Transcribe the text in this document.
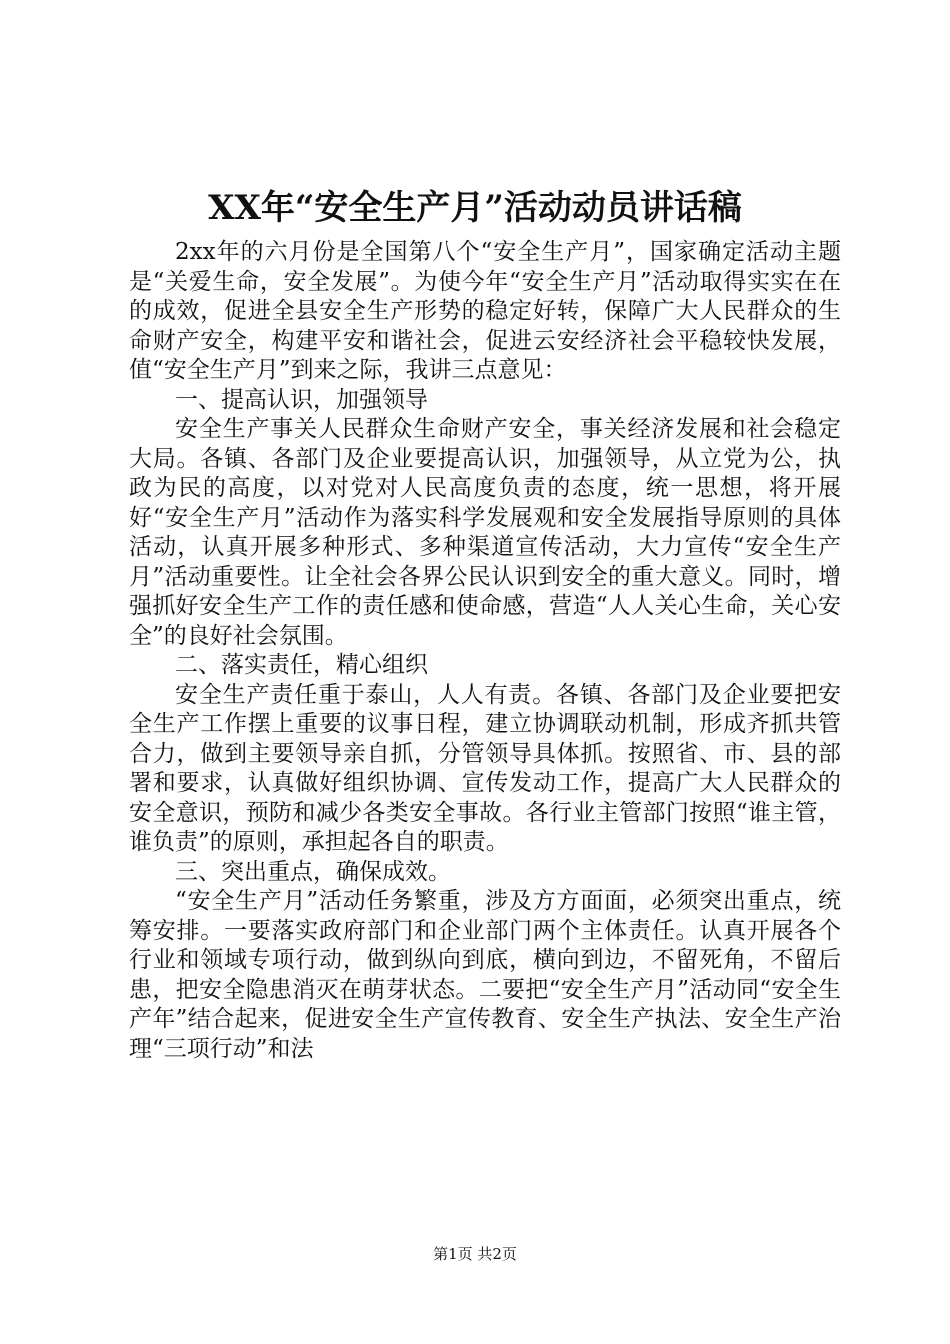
XX年“安全生产月”活动动员讲话稿

2xx年的六月份是全国第八个“安全生产月”，国家确定活动主题是“关爱生命，安全发展”。为使今年“安全生产月”活动取得实实在在的成效，促进全县安全生产形势的稳定好转，保障广大人民群众的生命财产安全，构建平安和谐社会，促进云安经济社会平稳较快发展，值“安全生产月”到来之际，我讲三点意见：

一、提高认识，加强领导

安全生产事关人民群众生命财产安全，事关经济发展和社会稳定大局。各镇、各部门及企业要提高认识，加强领导，从立党为公，执政为民的高度，以对党对人民高度负责的态度，统一思想，将开展好“安全生产月”活动作为落实科学发展观和安全发展指导原则的具体活动，认真开展多种形式、多种渠道宣传活动，大力宣传“安全生产月”活动重要性。让全社会各界公民认识到安全的重大意义。同时，增强抓好安全生产工作的责任感和使命感，营造“人人关心生命，关心安全”的良好社会氛围。

二、落实责任，精心组织

安全生产责任重于泰山，人人有责。各镇、各部门及企业要把安全生产工作摆上重要的议事日程，建立协调联动机制，形成齐抓共管合力，做到主要领导亲自抓，分管领导具体抓。按照省、市、县的部署和要求，认真做好组织协调、宣传发动工作，提高广大人民群众的安全意识，预防和减少各类安全事故。各行业主管部门按照“谁主管，谁负责”的原则，承担起各自的职责。

三、突出重点，确保成效。

“安全生产月”活动任务繁重，涉及方方面面，必须突出重点，统筹安排。一要落实政府部门和企业部门两个主体责任。认真开展各个行业和领域专项行动，做到纵向到底，横向到边，不留死角，不留后患，把安全隐患消灭在萌芽状态。二要把“安全生产月”活动同“安全生产年”结合起来，促进安全生产宣传教育、安全生产执法、安全生产治理“三项行动”和法

第1页 共2页
